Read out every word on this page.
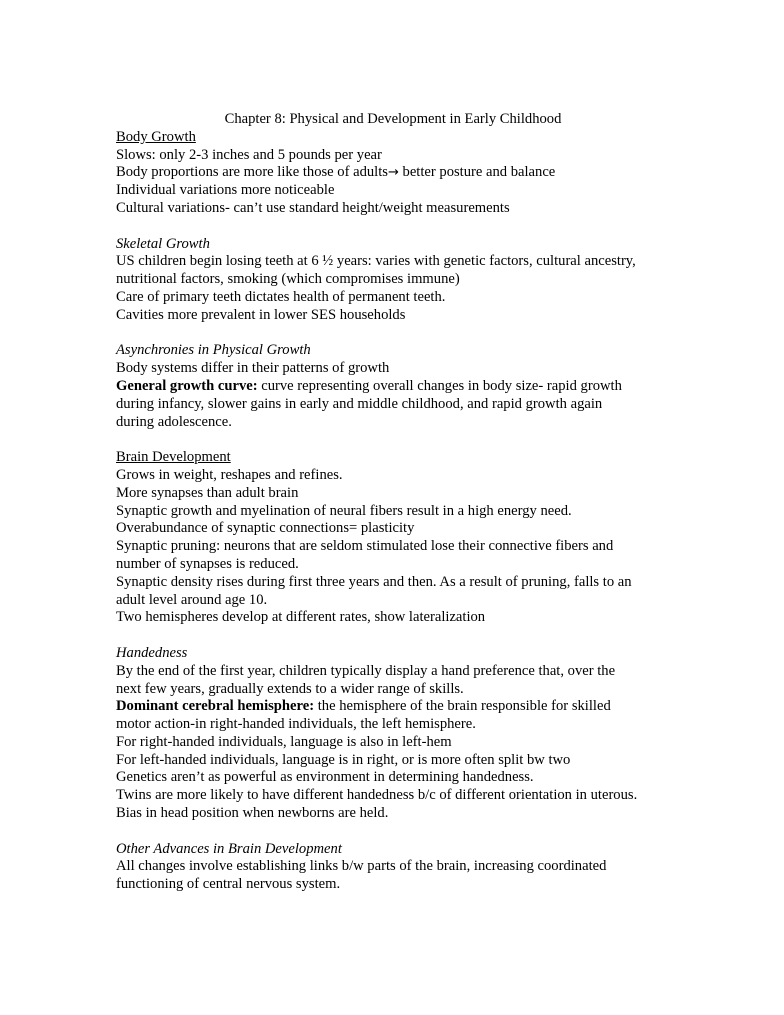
Chapter 8: Physical and Development in Early Childhood
Body Growth
Slows: only 2-3 inches and 5 pounds per year
Body proportions are more like those of adults→ better posture and balance
Individual variations more noticeable
Cultural variations- can’t use standard height/weight measurements
Skeletal Growth
US children begin losing teeth at 6 ½ years: varies with genetic factors, cultural ancestry,
nutritional factors, smoking (which compromises immune)
Care of primary teeth dictates health of permanent teeth.
Cavities more prevalent in lower SES households
Asynchronies in Physical Growth
Body systems differ in their patterns of growth
General growth curve: curve representing overall changes in body size- rapid growth
during infancy, slower gains in early and middle childhood, and rapid growth again
during adolescence.
Brain Development
Grows in weight, reshapes and refines.
More synapses than adult brain
Synaptic growth and myelination of neural fibers result in a high energy need.
Overabundance of synaptic connections= plasticity
Synaptic pruning: neurons that are seldom stimulated lose their connective fibers and
number of synapses is reduced.
Synaptic density rises during first three years and then. As a result of pruning, falls to an
adult level around age 10.
Two hemispheres develop at different rates, show lateralization
Handedness
By the end of the first year, children typically display a hand preference that, over the
next few years, gradually extends to a wider range of skills.
Dominant cerebral hemisphere: the hemisphere of the brain responsible for skilled
motor action-in right-handed individuals, the left hemisphere.
For right-handed individuals, language is also in left-hem
For left-handed individuals, language is in right, or is more often split bw two
Genetics aren’t as powerful as environment in determining handedness.
Twins are more likely to have different handedness b/c of different orientation in uterous.
Bias in head position when newborns are held.
Other Advances in Brain Development
All changes involve establishing links b/w parts of the brain, increasing coordinated
functioning of central nervous system.
